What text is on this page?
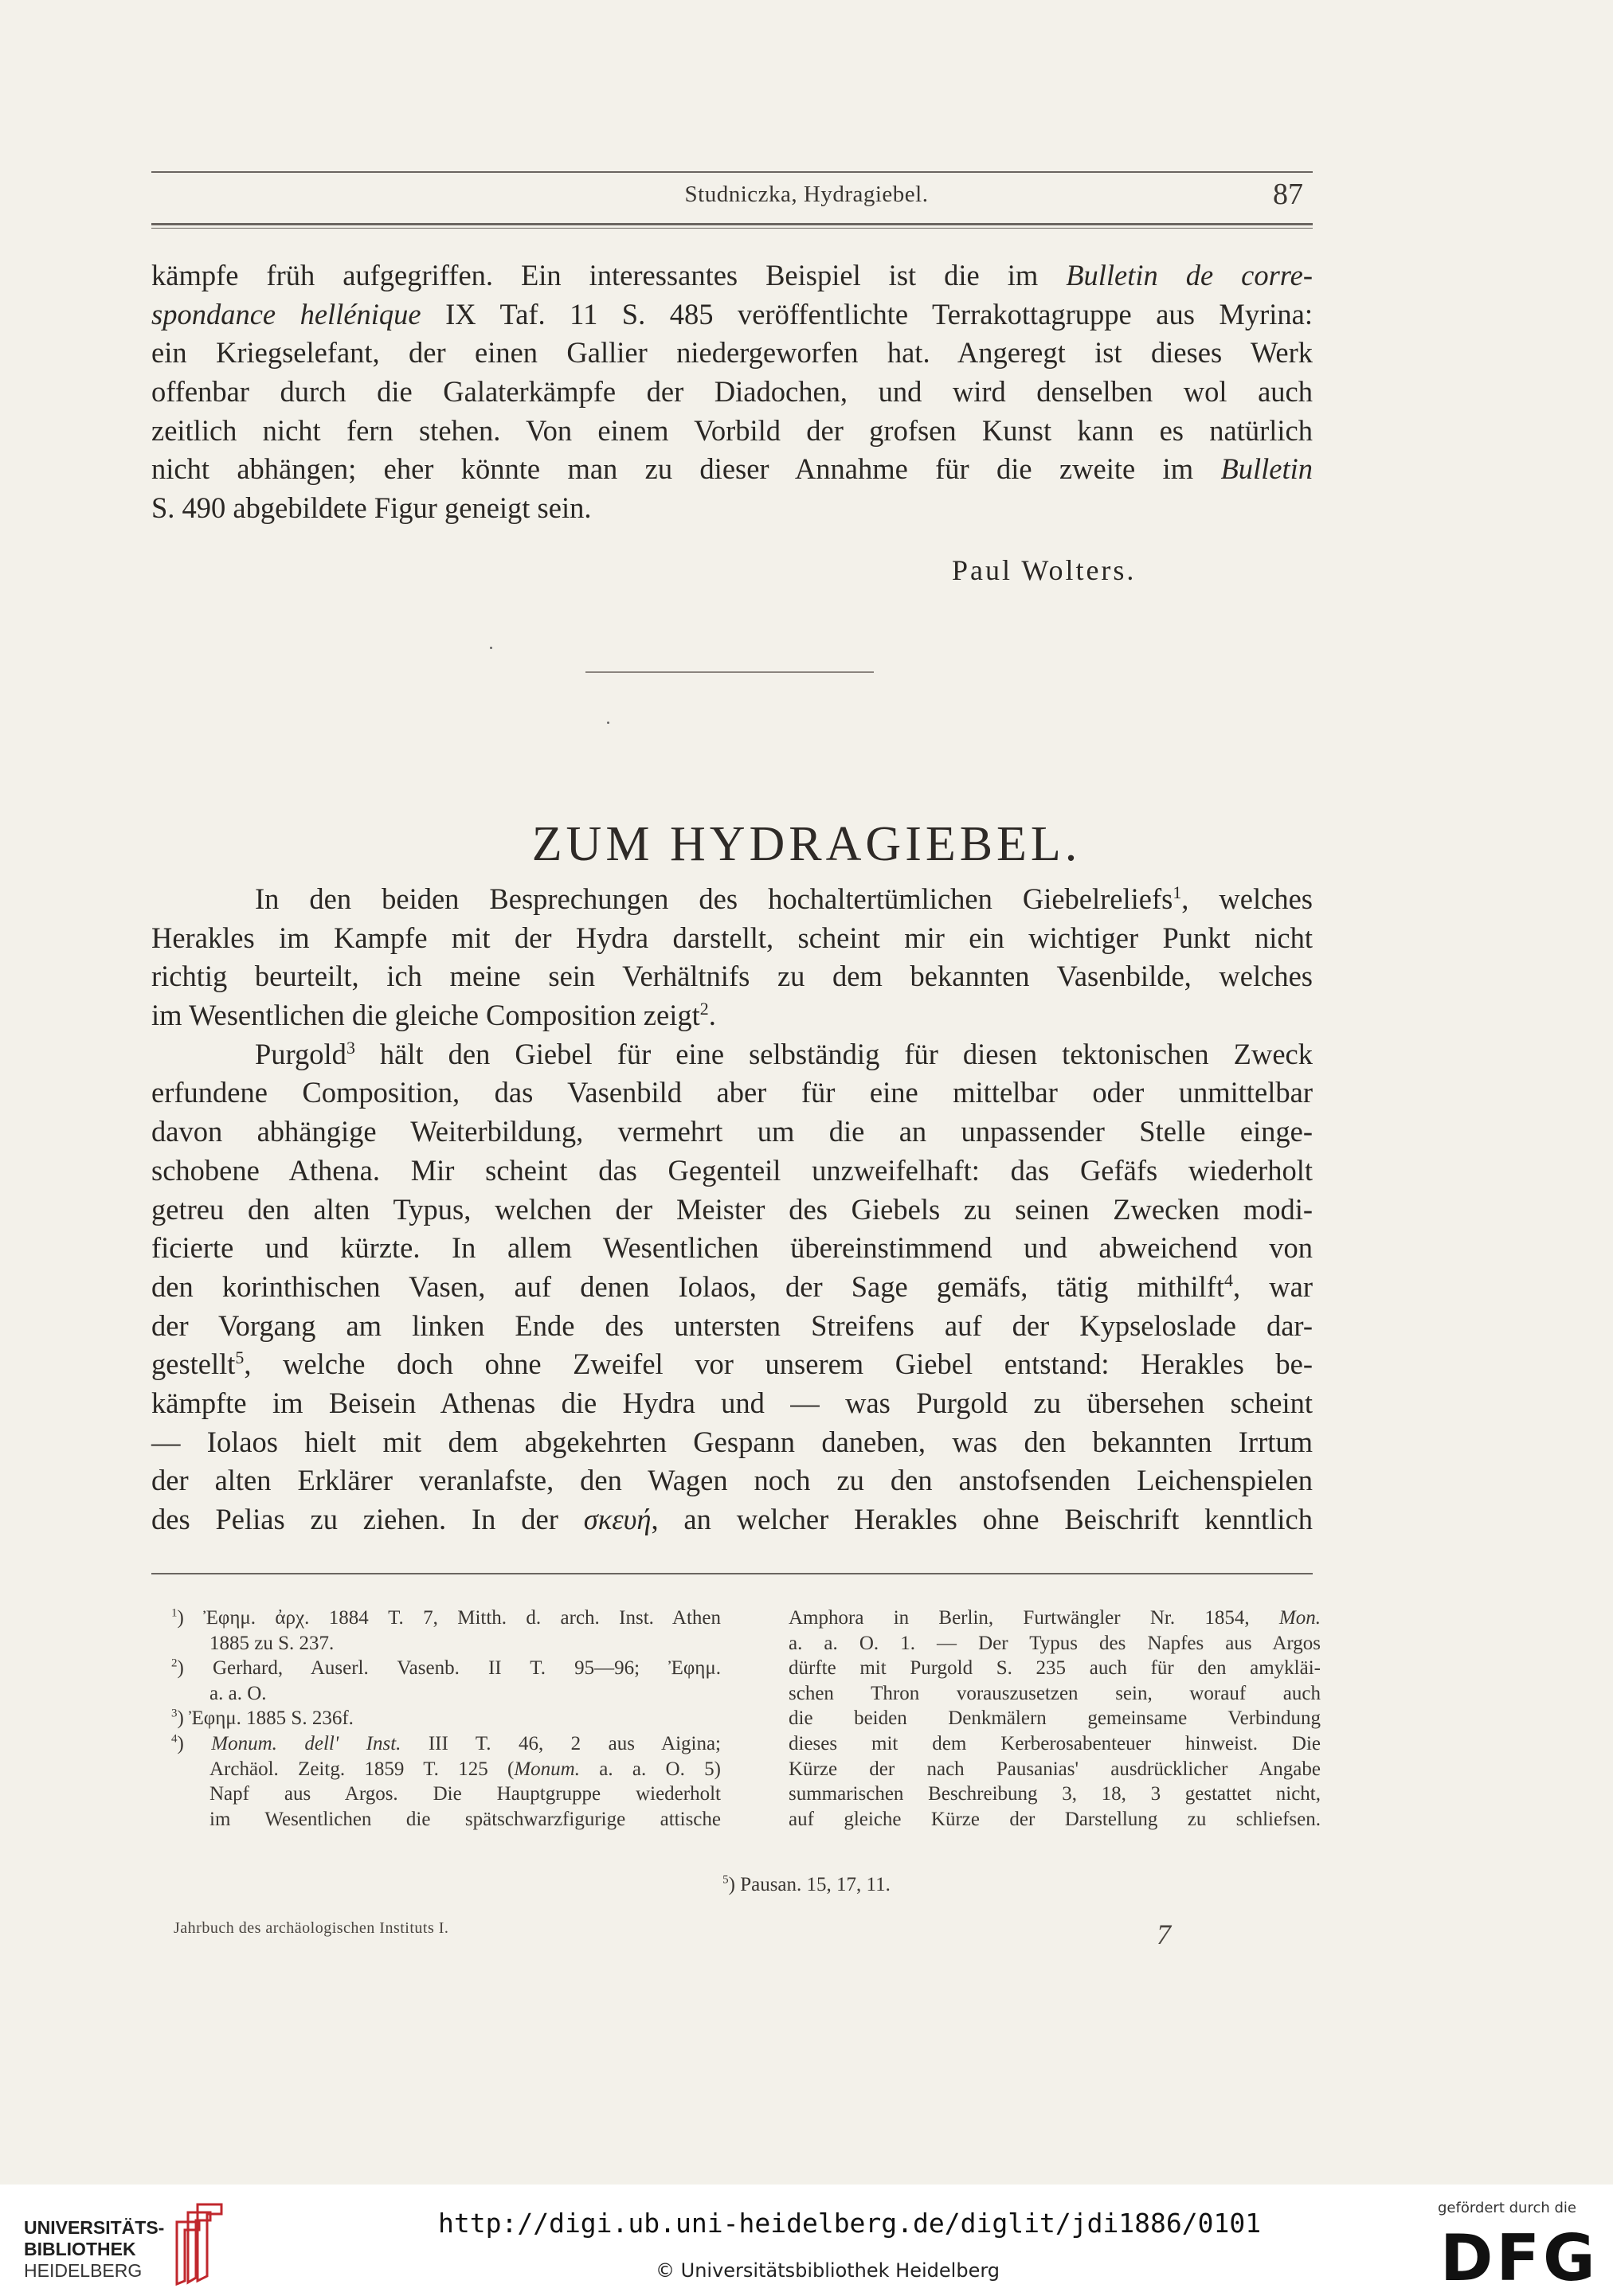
Studniczka, Hydragiebel.	87
kämpfe früh aufgegriffen. Ein interessantes Beispiel ist die im Bulletin de corre-
spondance hellénique IX Taf. 11 S. 485 veröffentlichte Terrakottagruppe aus Myrina:
ein Kriegselefant, der einen Gallier niedergeworfen hat. Angeregt ist dieses Werk
offenbar durch die Galaterkämpfe der Diadochen, und wird denselben wol auch
zeitlich nicht fern stehen. Von einem Vorbild der grofsen Kunst kann es natürlich
nicht abhängen; eher könnte man zu dieser Annahme für die zweite im Bulletin
S. 490 abgebildete Figur geneigt sein.
Paul Wolters.
ZUM HYDRAGIEBEL.
In den beiden Besprechungen des hochaltertümlichen Giebelreliefs$^1$, welches
Herakles im Kampfe mit der Hydra darstellt, scheint mir ein wichtiger Punkt nicht
richtig beurteilt, ich meine sein Verhältnifs zu dem bekannten Vasenbilde, welches
im Wesentlichen die gleiche Composition zeigt$^2$.
Purgold$^3$ hält den Giebel für eine selbständig für diesen tektonischen Zweck
erfundene Composition, das Vasenbild aber für eine mittelbar oder unmittelbar
davon abhängige Weiterbildung, vermehrt um die an unpassender Stelle einge-
schobene Athena. Mir scheint das Gegenteil unzweifelhaft: das Gefäfs wiederholt
getreu den alten Typus, welchen der Meister des Giebels zu seinen Zwecken modi-
ficierte und kürzte. In allem Wesentlichen übereinstimmend und abweichend von
den korinthischen Vasen, auf denen Iolaos, der Sage gemäfs, tätig mithilft$^4$, war
der Vorgang am linken Ende des untersten Streifens auf der Kypseloslade dar-
gestellt$^5$, welche doch ohne Zweifel vor unserem Giebel entstand: Herakles be-
kämpfte im Beisein Athenas die Hydra und — was Purgold zu übersehen scheint
— Iolaos hielt mit dem abgekehrten Gespann daneben, was den bekannten Irrtum
der alten Erklärer veranlafste, den Wagen noch zu den anstofsenden Leichenspielen
des Pelias zu ziehen. In der σκευή, an welcher Herakles ohne Beischrift kenntlich
$^1$) Ἐφημ. ἀρχ. 1884 T. 7, Mitth. d. arch. Inst. Athen
1885 zu S. 237.
$^2$) Gerhard, Auserl. Vasenb. II T. 95—96; Ἐφημ.
a. a. O.
$^3$) Ἐφημ. 1885 S. 236f.
$^4$) Monum. dell' Inst. III T. 46, 2 aus Aigina;
Archäol. Zeitg. 1859 T. 125 (Monum. a. a. O. 5)
Napf aus Argos. Die Hauptgruppe wiederholt
im Wesentlichen die spätschwarzfigurige attische
Amphora in Berlin, Furtwängler Nr. 1854, Mon.
a. a. O. 1. — Der Typus des Napfes aus Argos
dürfte mit Purgold S. 235 auch für den amykläi-
schen Thron vorauszusetzen sein, worauf auch
die beiden Denkmälern gemeinsame Verbindung
dieses mit dem Kerberosabenteuer hinweist. Die
Kürze der nach Pausanias' ausdrücklicher Angabe
summarischen Beschreibung 3, 18, 3 gestattet nicht,
auf gleiche Kürze der Darstellung zu schliefsen.
$^5$) Pausan. 15, 17, 11.
Jahrbuch des archäologischen Instituts I.	7
UNIVERSITÄTS-
BIBLIOTHEK
HEIDELBERG
http://digi.ub.uni-heidelberg.de/diglit/jdi1886/0101
© Universitätsbibliothek Heidelberg
gefördert durch die
DFG
